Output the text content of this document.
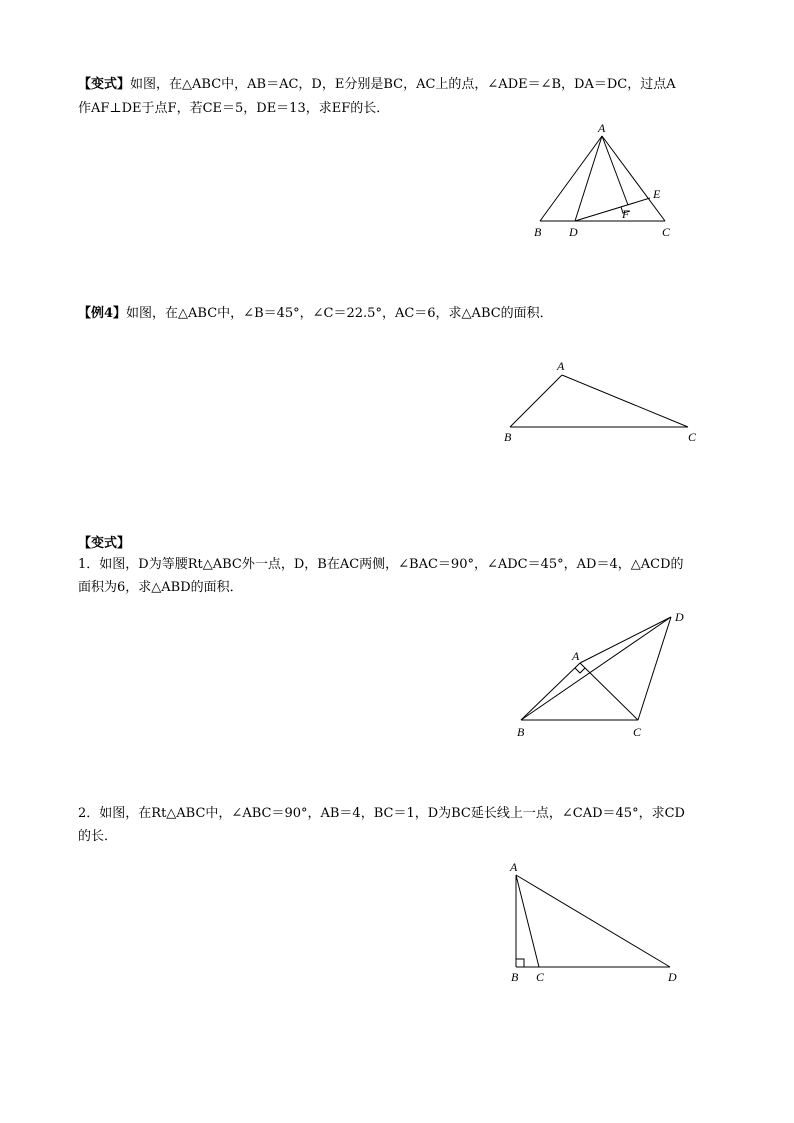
【变式】如图，在△ABC中，AB＝AC，D，E分别是BC，AC上的点，∠ADE＝∠B，DA＝DC，过点A
作AF⊥DE于点F，若CE＝5，DE＝13，求EF的长．
A
B D	C
E
F
【例4】如图，在△ABC中，∠B＝45°，∠C＝22.5°，AC＝6，求△ABC的面积．
A
B	C
【变式】
1．如图，D为等腰Rt△ABC外一点，D，B在AC两侧，∠BAC＝90°，∠ADC＝45°，AD＝4，△ACD的
面积为6，求△ABD的面积．
A
B	C
D
2．如图，在Rt△ABC中，∠ABC＝90°，AB＝4，BC＝1，D为BC延长线上一点，∠CAD＝45°，求CD
的长．
A
B C	D
